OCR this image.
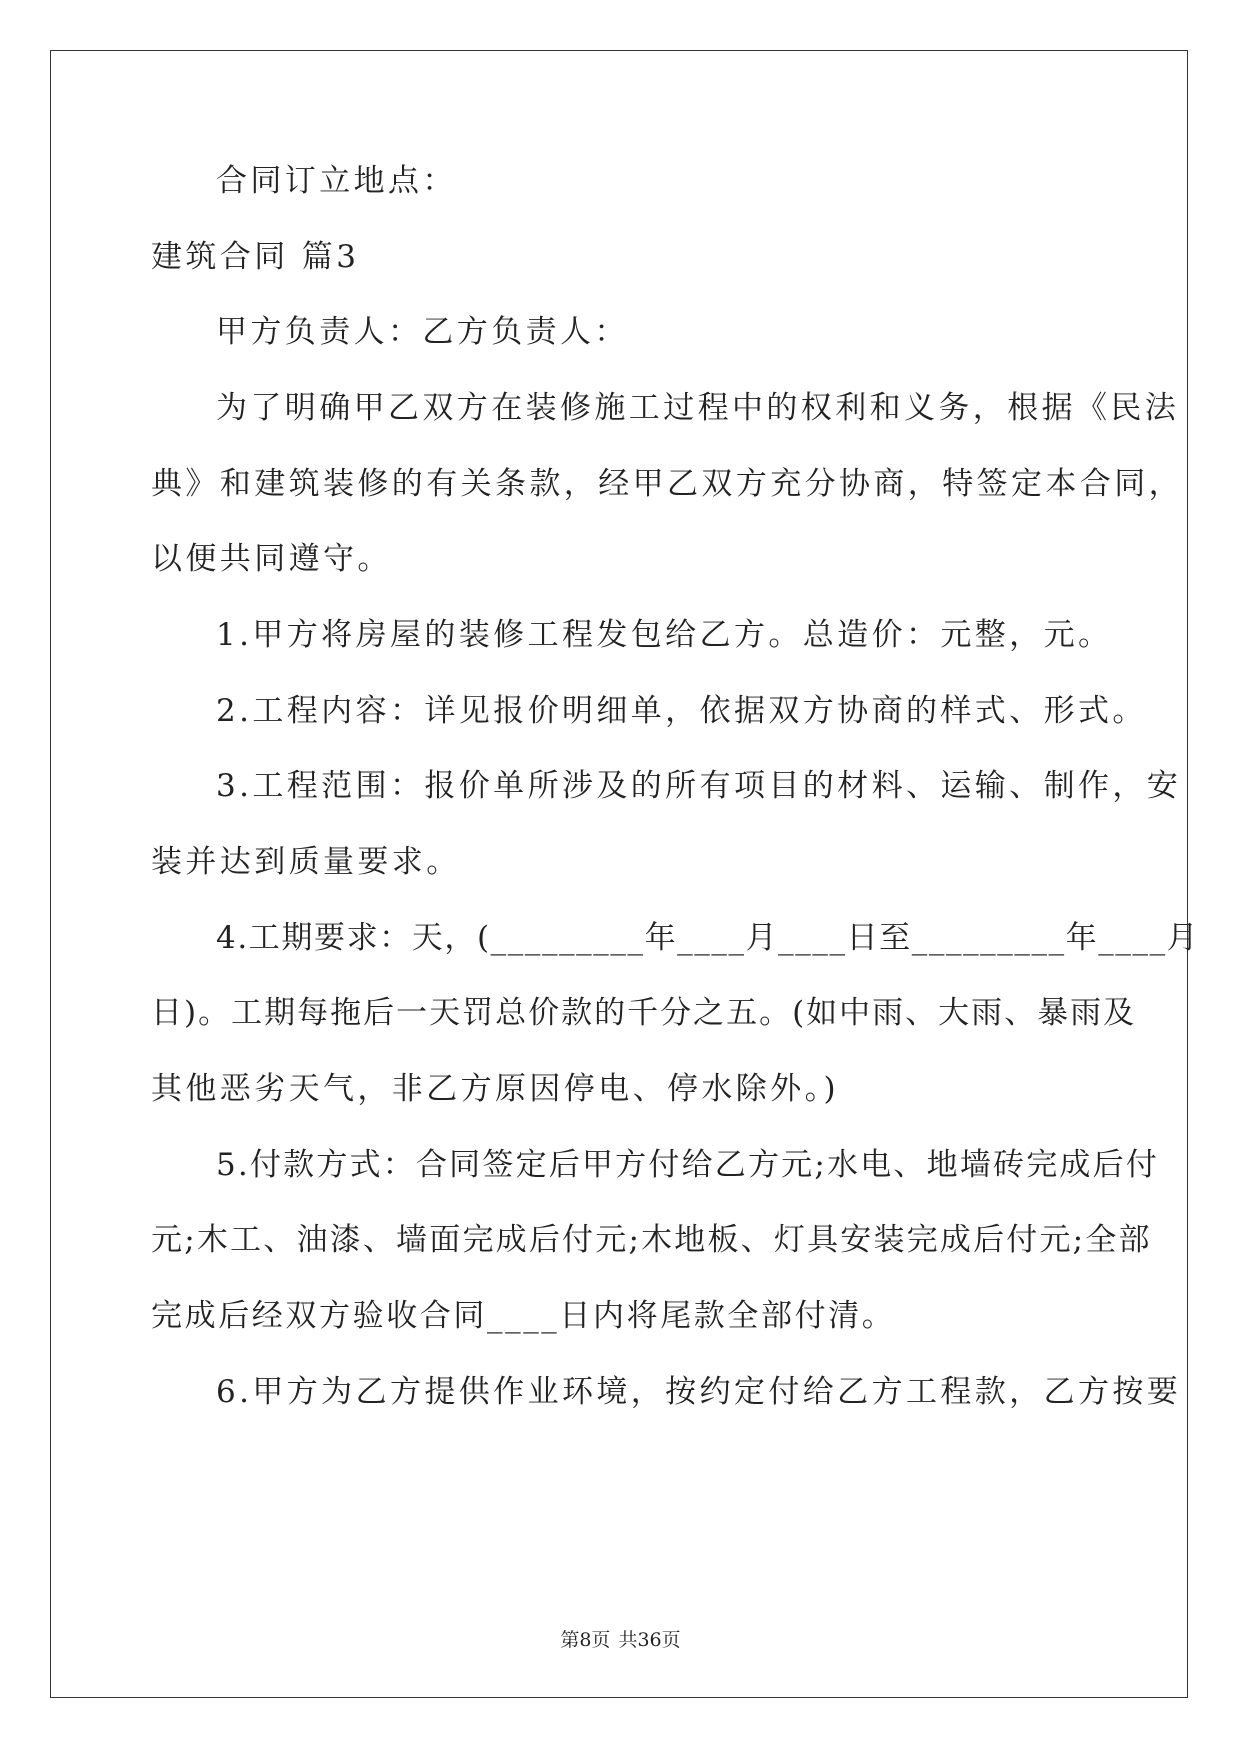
合同订立地点：
建筑合同 篇3
甲方负责人：乙方负责人：
为了明确甲乙双方在装修施工过程中的权利和义务，根据《民法
典》和建筑装修的有关条款，经甲乙双方充分协商，特签定本合同，
以便共同遵守。
1.甲方将房屋的装修工程发包给乙方。总造价：元整，元。
2.工程内容：详见报价明细单，依据双方协商的样式、形式。
3.工程范围：报价单所涉及的所有项目的材料、运输、制作，安
装并达到质量要求。
4.工期要求：天，(_________年____月____日至_________年____月
日)。工期每拖后一天罚总价款的千分之五。(如中雨、大雨、暴雨及
其他恶劣天气，非乙方原因停电、停水除外。)
5.付款方式：合同签定后甲方付给乙方元;水电、地墙砖完成后付
元;木工、油漆、墙面完成后付元;木地板、灯具安装完成后付元;全部
完成后经双方验收合同____日内将尾款全部付清。
6.甲方为乙方提供作业环境，按约定付给乙方工程款，乙方按要
第8页 共36页
